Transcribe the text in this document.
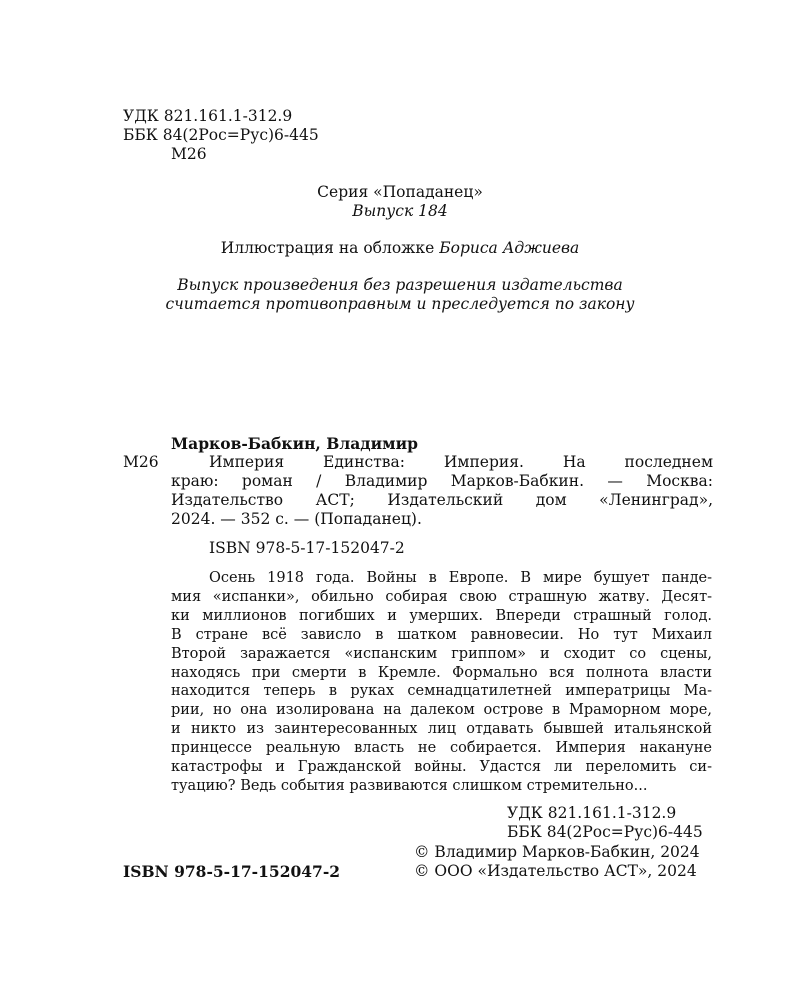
УДК 821.161.1-312.9
ББК 84(2Рос=Рус)6-445
М26
Серия «Попаданец»
Выпуск 184
Иллюстрация на обложке Бориса Аджиева
Выпуск произведения без разрешения издательства
считается противоправным и преследуется по закону
Марков-Бабкин, Владимир
М26	Империя Единства: Империя. На последнем
краю: роман / Владимир Марков-Бабкин. — Москва:
Издательство АСТ; Издательский дом «Ленинград»,
2024. — 352 с. — (Попаданец).
ISBN 978-5-17-152047-2
Осень 1918 года. Войны в Европе. В мире бушует панде-
мия «испанки», обильно собирая свою страшную жатву. Десят-
ки миллионов погибших и умерших. Впереди страшный голод.
В стране всё зависло в шатком равновесии. Но тут Михаил
Второй заражается «испанским гриппом» и сходит со сцены,
находясь при смерти в Кремле. Формально вся полнота власти
находится теперь в руках семнадцатилетней императрицы Ма-
рии, но она изолирована на далеком острове в Мраморном море,
и никто из заинтересованных лиц отдавать бывшей итальянской
принцессе реальную власть не собирается. Империя накануне
катастрофы и Гражданской войны. Удастся ли переломить си-
туацию? Ведь события развиваются слишком стремительно...
УДК 821.161.1-312.9
ББК 84(2Рос=Рус)6-445
ISBN 978-5-17-152047-2
© Владимир Марков-Бабкин, 2024
© ООО «Издательство АСТ», 2024
